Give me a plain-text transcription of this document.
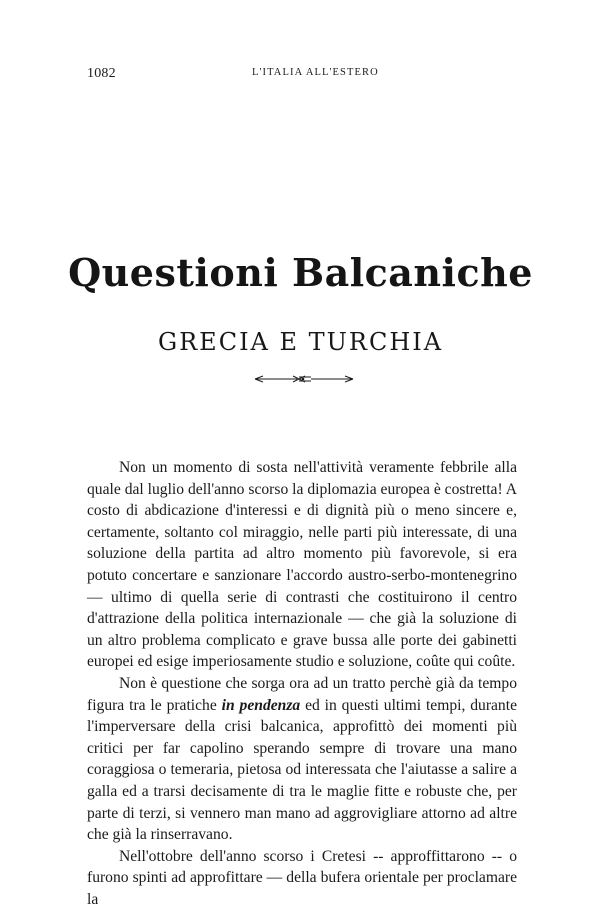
1082	L'ITALIA ALL'ESTERO
Questioni Balcaniche
GRECIA E TURCHIA

Non un momento di sosta nell'attività veramente febbrile alla quale dal luglio dell'anno scorso la diplomazia europea è costretta! A costo di abdicazione d'interessi e di dignità più o meno sincere e, certamente, soltanto col miraggio, nelle parti più interessate, di una soluzione della partita ad altro momento più favorevole, si era potuto concertare e sanzionare l'accordo austro-serbo-montenegrino — ultimo di quella serie di contrasti che costituirono il centro d'attrazione della politica internazionale — che già la soluzione di un altro problema complicato e grave bussa alle porte dei gabinetti europei ed esige imperiosamente studio e soluzione, coûte qui coûte.

Non è questione che sorga ora ad un tratto perchè già da tempo figura tra le pratiche in pendenza ed in questi ultimi tempi, durante l'imperversare della crisi balcanica, approfittò dei momenti più critici per far capolino sperando sempre di trovare una mano coraggiosa o temeraria, pietosa od interessata che l'aiutasse a salire a galla ed a trarsi decisamente di tra le maglie fitte e robuste che, per parte di terzi, si vennero man mano ad aggrovigliare attorno ad altre che già la rinserravano.

Nell'ottobre dell'anno scorso i Cretesi -- approffittarono -- o furono spinti ad approfittare — della bufera orientale per proclamare la
